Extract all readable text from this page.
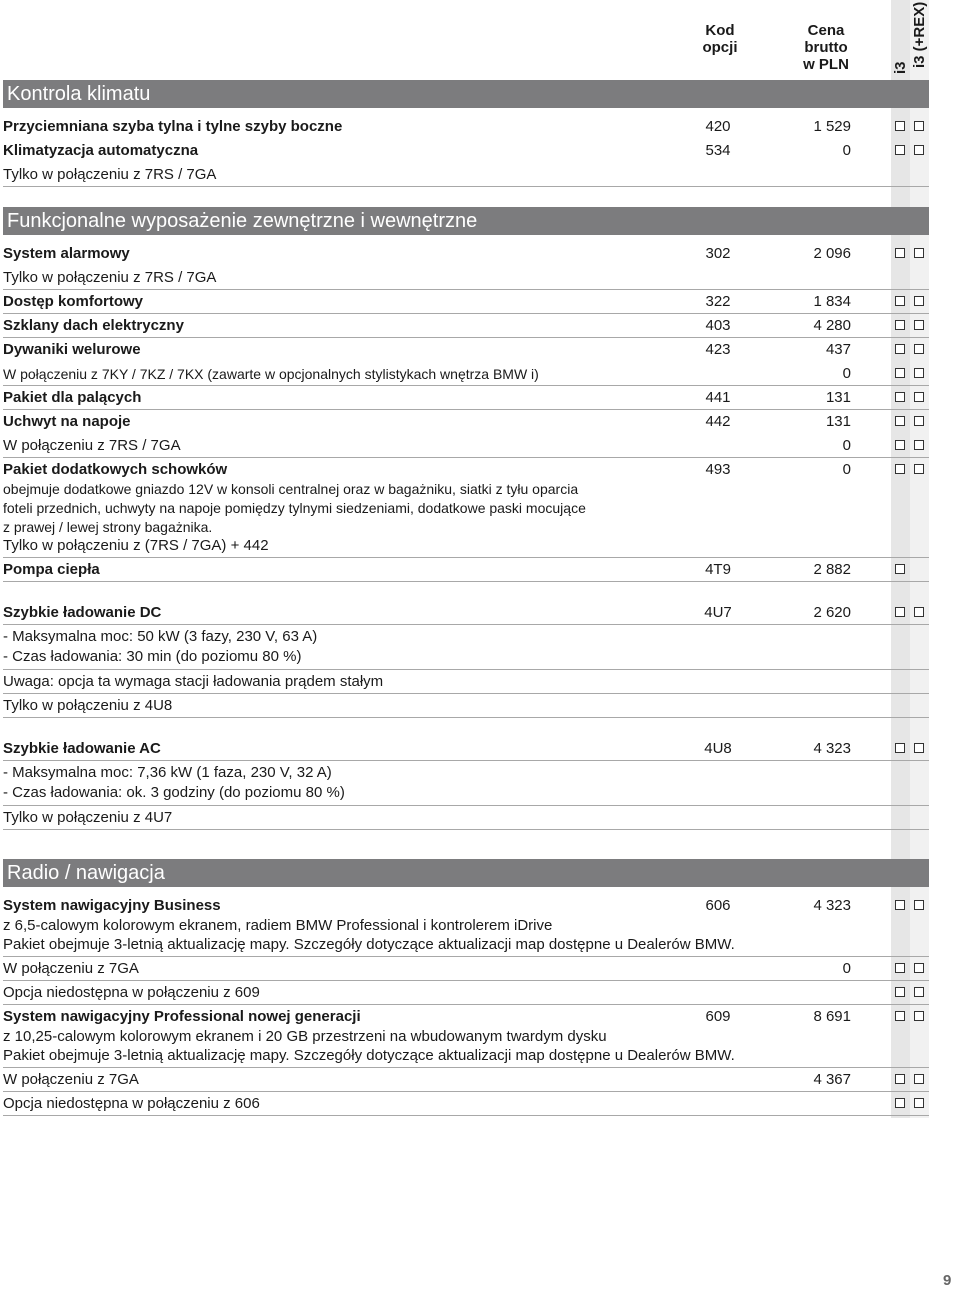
Kod
opcji
Cena
brutto
w PLN	i3 i3 (+REX)
Kontrola klimatu
Przyciemniana szyba tylna i tylne szyby boczne	420	1 529
Klimatyzacja automatyczna	534	0
Tylko w połączeniu z 7RS / 7GA
Funkcjonalne wyposażenie zewnętrzne i wewnętrzne
System alarmowy	302	2 096
Tylko w połączeniu z 7RS / 7GA
Dostęp komfortowy	322	1 834
Szklany dach elektryczny	403	4 280
Dywaniki welurowe	423	437
W połączeniu z 7KY / 7KZ / 7KX (zawarte w opcjonalnych stylistykach wnętrza BMW i)	0
Pakiet dla palących	441	131
Uchwyt na napoje	442	131
W połączeniu z 7RS / 7GA	0
Pakiet dodatkowych schowków	493	0
obejmuje dodatkowe gniazdo 12V w konsoli centralnej oraz w bagażniku, siatki z tyłu oparcia
foteli przednich, uchwyty na napoje pomiędzy tylnymi siedzeniami, dodatkowe paski mocujące
z prawej / lewej strony bagażnika.
Tylko w połączeniu z (7RS / 7GA) + 442
Pompa ciepła	4T9	2 882
Szybkie ładowanie DC	4U7	2 620
- Maksymalna moc: 50 kW (3 fazy, 230 V, 63 A)
- Czas ładowania: 30 min (do poziomu 80 %)
Uwaga: opcja ta wymaga stacji ładowania prądem stałym
Tylko w połączeniu z 4U8
Szybkie ładowanie AC	4U8	4 323
- Maksymalna moc: 7,36 kW (1 faza, 230 V, 32 A)
- Czas ładowania: ok. 3 godziny (do poziomu 80 %)
Tylko w połączeniu z 4U7
Radio / nawigacja
System nawigacyjny Business	606	4 323
z 6,5-calowym kolorowym ekranem, radiem BMW Professional i kontrolerem iDrive
Pakiet obejmuje 3-letnią aktualizację mapy. Szczegóły dotyczące aktualizacji map dostępne u Dealerów BMW.
W połączeniu z 7GA	0
Opcja niedostępna w połączeniu z 609
System nawigacyjny Professional nowej generacji	609	8 691
z 10,25-calowym kolorowym ekranem i 20 GB przestrzeni na wbudowanym twardym dysku
Pakiet obejmuje 3-letnią aktualizację mapy. Szczegóły dotyczące aktualizacji map dostępne u Dealerów BMW.
W połączeniu z 7GA	4 367
Opcja niedostępna w połączeniu z 606
9
